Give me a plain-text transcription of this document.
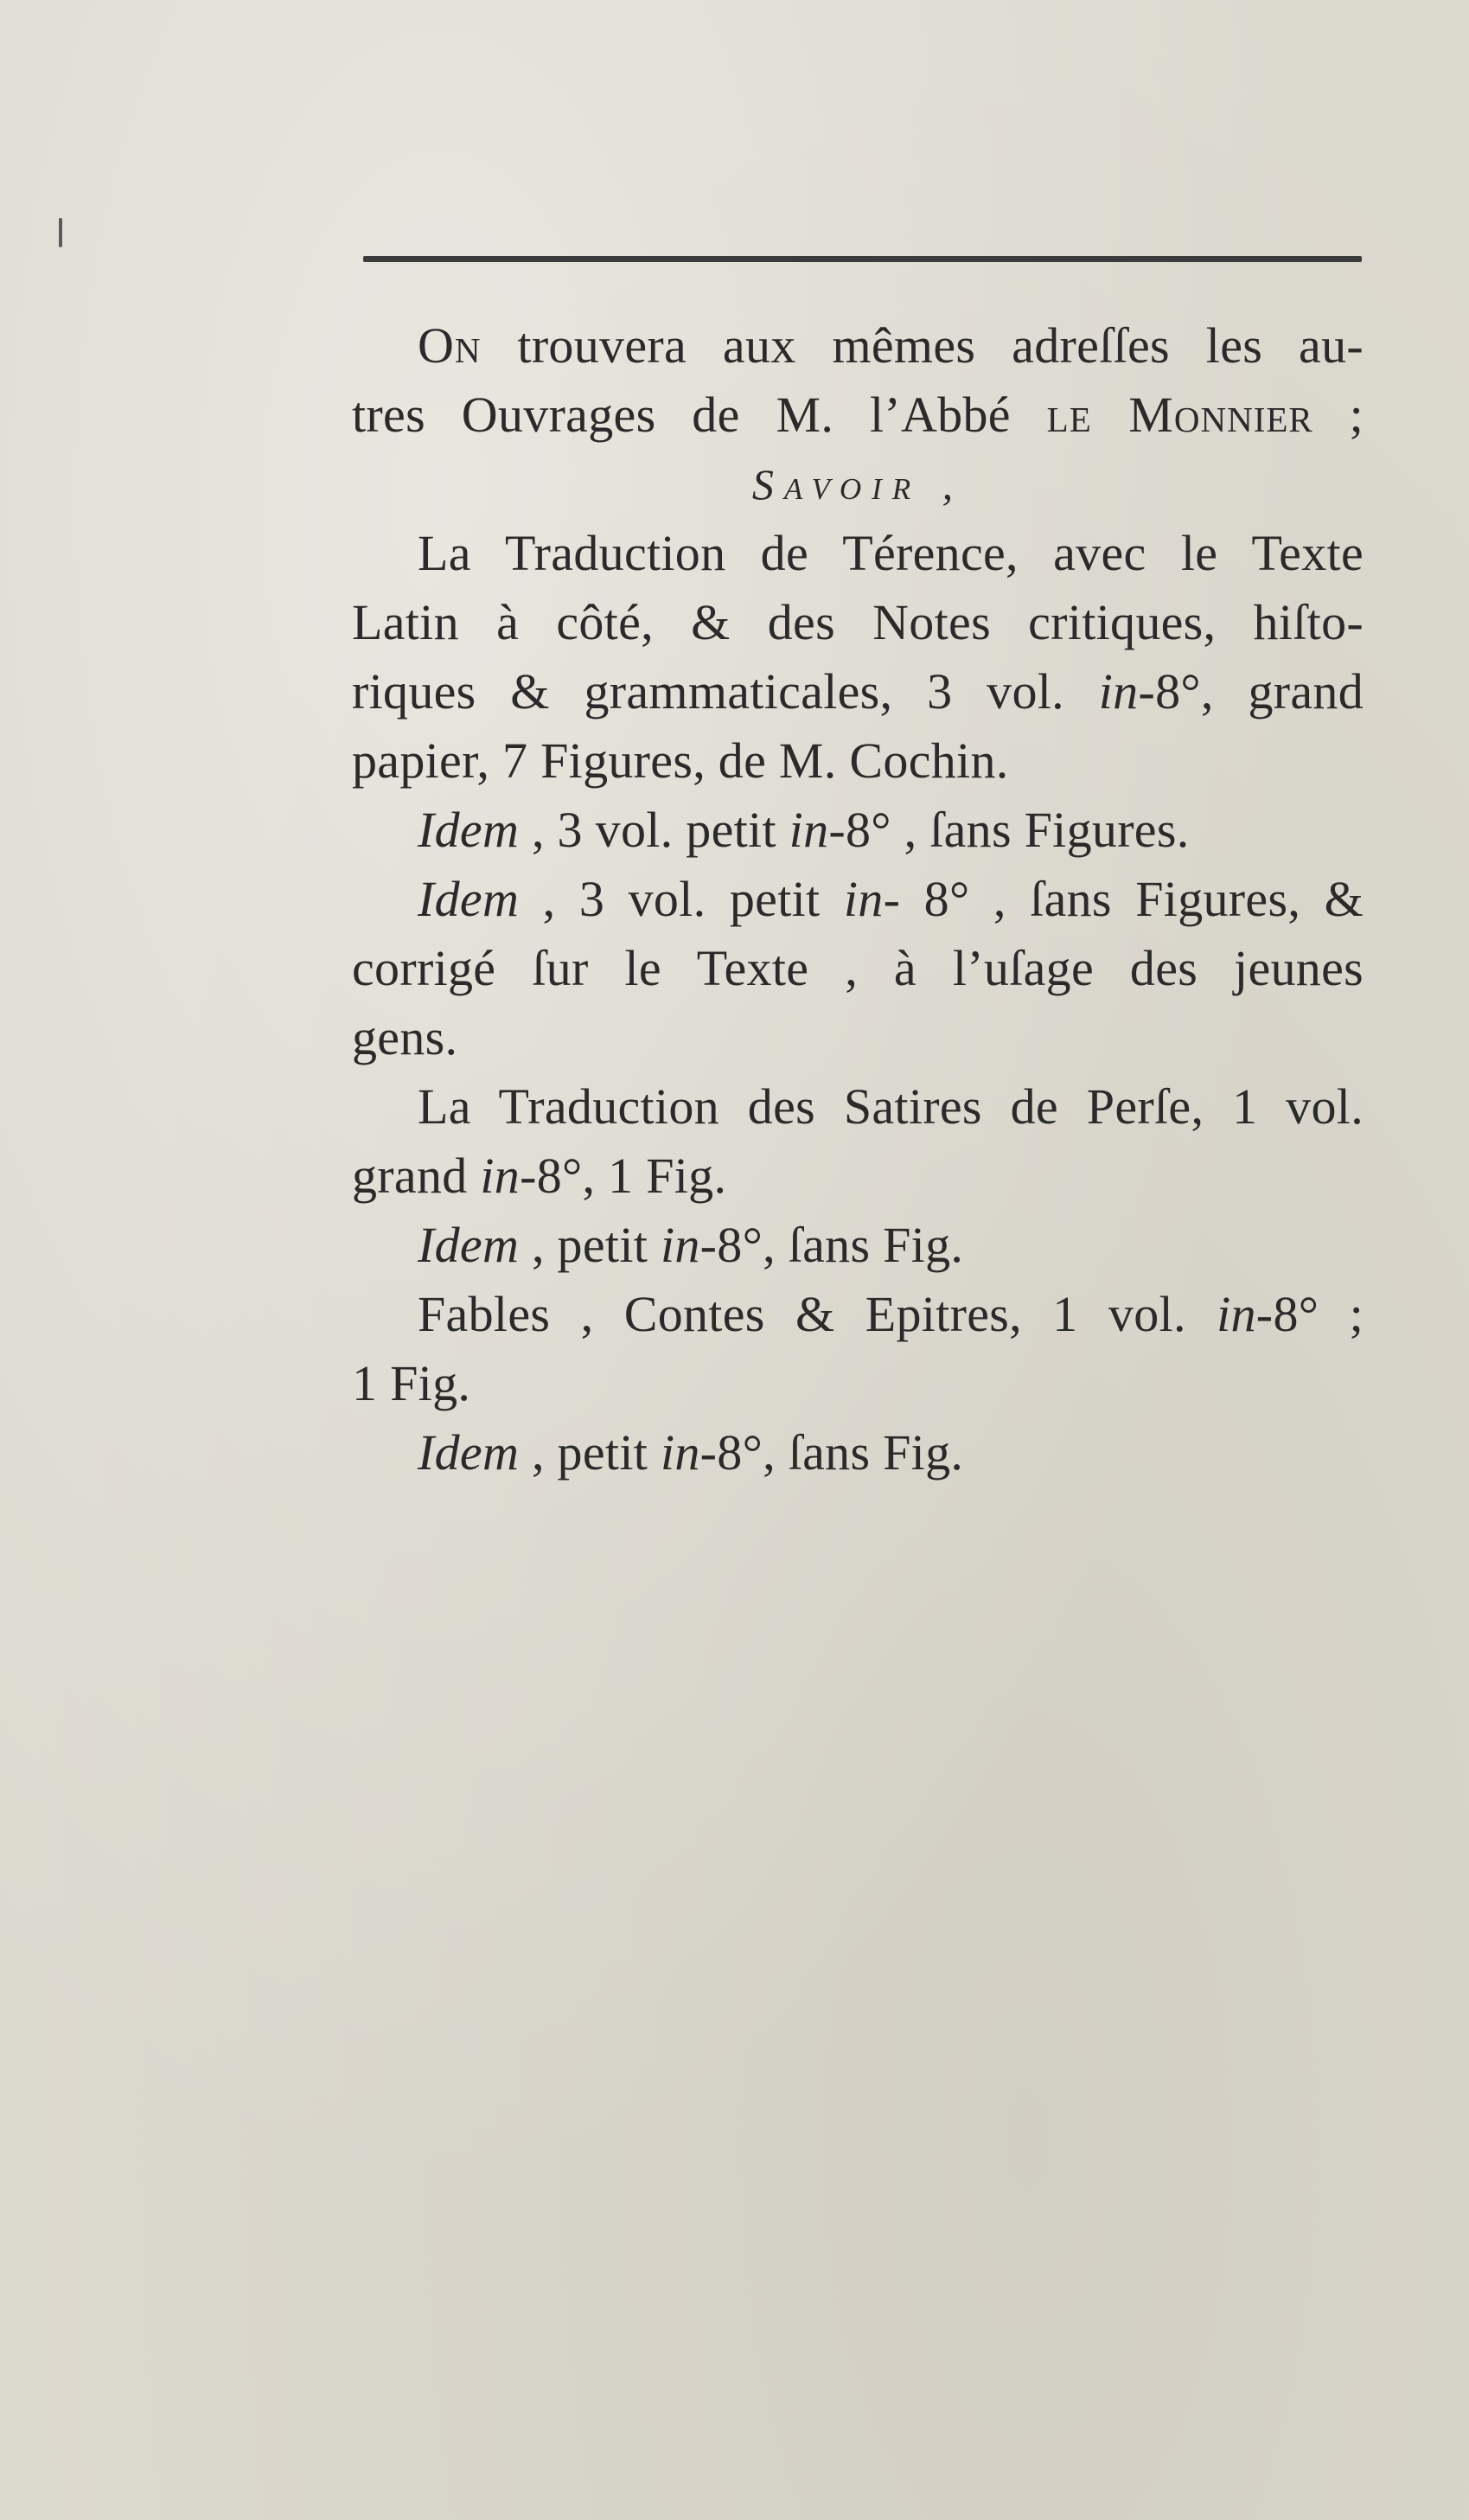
On trouvera aux mêmes adreſſes les au-
tres Ouvrages de M. l’Abbé le Monnier ;
Savoir ,
La Traduction de Térence, avec le Texte
Latin à côté, & des Notes critiques, hiſto-
riques & grammaticales, 3 vol. in-8°, grand
papier, 7 Figures, de M. Cochin.
Idem , 3 vol. petit in-8° , ſans Figures.
Idem , 3 vol. petit in- 8° , ſans Figures, &
corrigé ſur le Texte , à l’uſage des jeunes
gens.
La Traduction des Satires de Perſe, 1 vol.
grand in-8°, 1 Fig.
Idem , petit in-8°, ſans Fig.
Fables , Contes & Epitres, 1 vol. in-8° ;
1 Fig.
Idem , petit in-8°, ſans Fig.
